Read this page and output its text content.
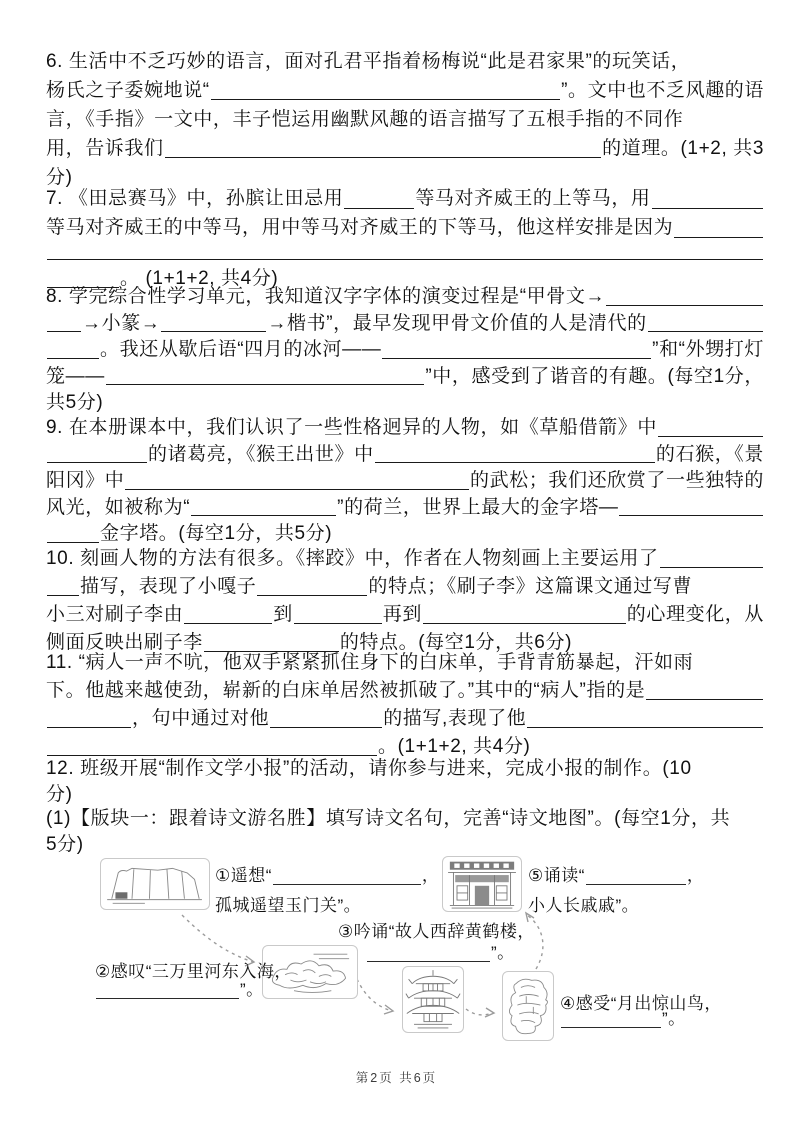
6. 生活中不乏巧妙的语言，面对孔君平指着杨梅说“此是君家果”的玩笑话，
杨氏之子委婉地说“	”。文中也不乏风趣的语
言，《手指》一文中，丰子恺运用幽默风趣的语言描写了五根手指的不同作
用，告诉我们	的道理。(1+2, 共3
分)
7. 《田忌赛马》中，孙膑让田忌用	等马对齐威王的上等马，用
等马对齐威王的中等马，用中等马对齐威王的下等马，他这样安排是因为
。 (1+1+2, 共4分)
8. 学完综合性学习单元，我知道汉字字体的演变过程是“甲骨文→
→小篆→	→楷书”，最早发现甲骨文价值的人是清代的
。我还从歇后语“四月的冰河——	”和“外甥打灯
笼——	”中，感受到了谐音的有趣。(每空1分，
共5分)
9. 在本册课本中，我们认识了一些性格迥异的人物，如《草船借箭》中
的诸葛亮，《猴王出世》中	的石猴，《景
阳冈》中	的武松；我们还欣赏了一些独特的
风光，如被称为“	”的荷兰，世界上最大的金字塔—
金字塔。(每空1分，共5分)
10. 刻画人物的方法有很多。《摔跤》中，作者在人物刻画上主要运用了
描写，表现了小嘎子	的特点；《刷子李》这篇课文通过写曹
小三对刷子李由	到	再到	的心理变化，从
侧面反映出刷子李	的特点。(每空1分，共6分)
11. “病人一声不吭，他双手紧紧抓住身下的白床单，手背青筋暴起，汗如雨
下。他越来越使劲，崭新的白床单居然被抓破了。”其中的“病人”指的是
，句中通过对他	的描写,表现了他
。(1+1+2, 共4分)
12. 班级开展“制作文学小报”的活动，请你参与进来，完成小报的制作。(10
分)
(1)【版块一：跟着诗文游名胜】填写诗文名句，完善“诗文地图”。(每空1分，共
5分)
①遥想“	，
孤城遥望玉门关”。
⑤诵读“	，
小人长戚戚”。
③吟诵“故人西辞黄鹤楼，
”。
②感叹“三万里河东入海，
”。
④感受“月出惊山鸟，
”。
第2页 共6页
